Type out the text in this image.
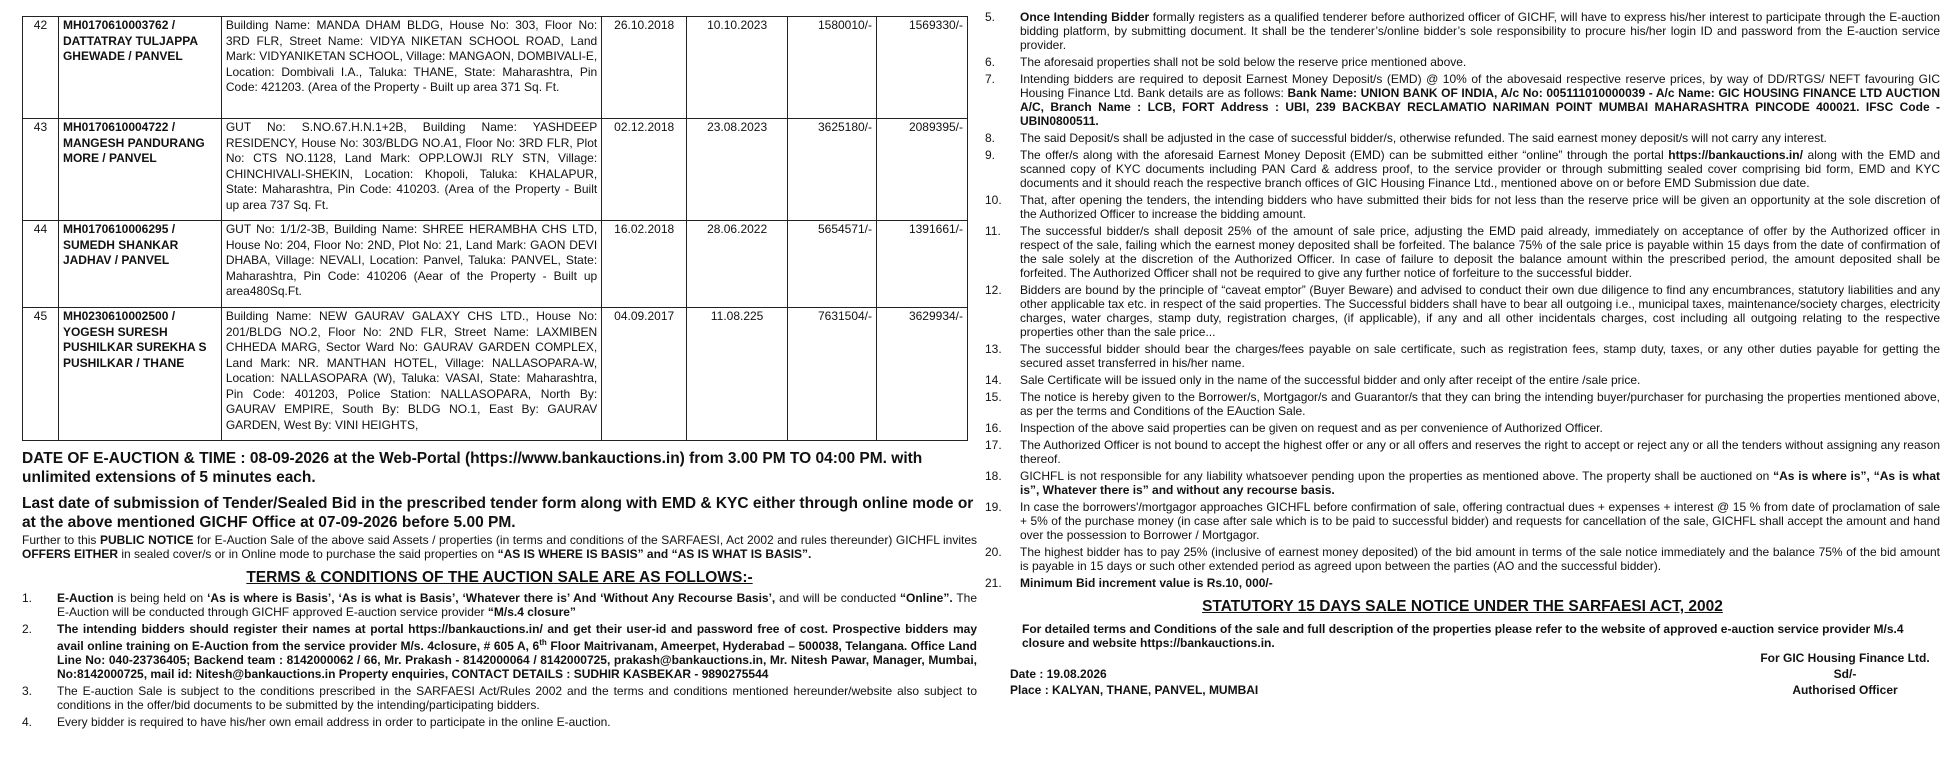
42	MH0170610003762 / DATTATRAY TULJAPPA GHEWADE / PANVEL	Building Name: MANDA DHAM BLDG, House No: 303, Floor No: 3RD FLR, Street Name: VIDYA NIKETAN SCHOOL ROAD, Land Mark: VIDYANIKETAN SCHOOL, Village: MANGAON, DOMBIVALI-E, Location: Dombivali I.A., Taluka: THANE, State: Maharashtra, Pin Code: 421203. (Area of the Property - Built up area 371 Sq. Ft.	26.10.2018	10.10.2023	1580010/-	1569330/-
43	MH0170610004722 / MANGESH PANDURANG MORE / PANVEL	GUT No: S.NO.67.H.N.1+2B, Building Name: YASHDEEP RESIDENCY, House No: 303/BLDG NO.A1, Floor No: 3RD FLR, Plot No: CTS NO.1128, Land Mark: OPP.LOWJI RLY STN, Village: CHINCHIVALI-SHEKIN, Location: Khopoli, Taluka: KHALAPUR, State: Maharashtra, Pin Code: 410203. (Area of the Property - Built up area 737 Sq. Ft.	02.12.2018	23.08.2023	3625180/-	2089395/-
44	MH0170610006295 / SUMEDH SHANKAR JADHAV / PANVEL	GUT No: 1/1/2-3B, Building Name: SHREE HERAMBHA CHS LTD, House No: 204, Floor No: 2ND, Plot No: 21, Land Mark: GAON DEVI DHABA, Village: NEVALI, Location: Panvel, Taluka: PANVEL, State: Maharashtra, Pin Code: 410206 (Aear of the Property - Built up area480Sq.Ft.	16.02.2018	28.06.2022	5654571/-	1391661/-
45	MH0230610002500 / YOGESH SURESH PUSHILKAR SUREKHA S PUSHILKAR / THANE	Building Name: NEW GAURAV GALAXY CHS LTD., House No: 201/BLDG NO.2, Floor No: 2ND FLR, Street Name: LAXMIBEN CHHEDA MARG, Sector Ward No: GAURAV GARDEN COMPLEX, Land Mark: NR. MANTHAN HOTEL, Village: NALLASOPARA-W, Location: NALLASOPARA (W), Taluka: VASAI, State: Maharashtra, Pin Code: 401203, Police Station: NALLASOPARA, North By: GAURAV EMPIRE, South By: BLDG NO.1, East By: GAURAV GARDEN, West By: VINI HEIGHTS,	04.09.2017	11.08.225	7631504/-	3629934/-
DATE OF E-AUCTION & TIME : 08-09-2026 at the Web-Portal (https://www.bankauctions.in) from 3.00 PM TO 04:00 PM. with unlimited extensions of 5 minutes each.
Last date of submission of Tender/Sealed Bid in the prescribed tender form along with EMD & KYC either through online mode or at the above mentioned GICHF Office at 07-09-2026 before 5.00 PM.

Further to this PUBLIC NOTICE for E-Auction Sale of the above said Assets / properties (in terms and conditions of the SARFAESI, Act 2002 and rules thereunder) GICHFL invites OFFERS EITHER in sealed cover/s or in Online mode to purchase the said properties on “AS IS WHERE IS BASIS” and “AS IS WHAT IS BASIS”.

TERMS & CONDITIONS OF THE AUCTION SALE ARE AS FOLLOWS:-
1. E-Auction is being held on ‘As is where is Basis’, ‘As is what is Basis’, ‘Whatever there is’ And ‘Without Any Recourse Basis’, and will be conducted “Online”. The E-Auction will be conducted through GICHF approved E-auction service provider “M/s.4 closure”
2. The intending bidders should register their names at portal https://bankauctions.in/ and get their user-id and password free of cost. Prospective bidders may avail online training on E-Auction from the service provider M/s. 4closure, # 605 A, 6th Floor Maitrivanam, Ameerpet, Hyderabad – 500038, Telangana. Office Land Line No: 040-23736405; Backend team : 8142000062 / 66, Mr. Prakash - 8142000064 / 8142000725, prakash@bankauctions.in, Mr. Nitesh Pawar, Manager, Mumbai, No:8142000725, mail id: Nitesh@bankauctions.in Property enquiries, CONTACT DETAILS : SUDHIR KASBEKAR - 9890275544
3. The E-auction Sale is subject to the conditions prescribed in the SARFAESI Act/Rules 2002 and the terms and conditions mentioned hereunder/website also subject to conditions in the offer/bid documents to be submitted by the intending/participating bidders.
4. Every bidder is required to have his/her own email address in order to participate in the online E-auction.
5. Once Intending Bidder formally registers as a qualified tenderer before authorized officer of GICHF, will have to express his/her interest to participate through the E-auction bidding platform, by submitting document. It shall be the tenderer’s/online bidder’s sole responsibility to procure his/her login ID and password from the E-auction service provider.
6. The aforesaid properties shall not be sold below the reserve price mentioned above.
7. Intending bidders are required to deposit Earnest Money Deposit/s (EMD) @ 10% of the abovesaid respective reserve prices, by way of DD/RTGS/ NEFT favouring GIC Housing Finance Ltd. Bank details are as follows: Bank Name: UNION BANK OF INDIA, A/c No: 005111010000039 - A/c Name: GIC HOUSING FINANCE LTD AUCTION A/C, Branch Name : LCB, FORT Address : UBI, 239 BACKBAY RECLAMATIO NARIMAN POINT MUMBAI MAHARASHTRA PINCODE 400021. IFSC Code - UBIN0800511.
8. The said Deposit/s shall be adjusted in the case of successful bidder/s, otherwise refunded. The said earnest money deposit/s will not carry any interest.
9. The offer/s along with the aforesaid Earnest Money Deposit (EMD) can be submitted either “online” through the portal https://bankauctions.in/ along with the EMD and scanned copy of KYC documents including PAN Card & address proof, to the service provider or through submitting sealed cover comprising bid form, EMD and KYC documents and it should reach the respective branch offices of GIC Housing Finance Ltd., mentioned above on or before EMD Submission due date.
10. That, after opening the tenders, the intending bidders who have submitted their bids for not less than the reserve price will be given an opportunity at the sole discretion of the Authorized Officer to increase the bidding amount.
11. The successful bidder/s shall deposit 25% of the amount of sale price, adjusting the EMD paid already, immediately on acceptance of offer by the Authorized officer in respect of the sale, failing which the earnest money deposited shall be forfeited. The balance 75% of the sale price is payable within 15 days from the date of confirmation of the sale solely at the discretion of the Authorized Officer. In case of failure to deposit the balance amount within the prescribed period, the amount deposited shall be forfeited. The Authorized Officer shall not be required to give any further notice of forfeiture to the successful bidder.
12. Bidders are bound by the principle of “caveat emptor” (Buyer Beware) and advised to conduct their own due diligence to find any encumbrances, statutory liabilities and any other applicable tax etc. in respect of the said properties. The Successful bidders shall have to bear all outgoing i.e., municipal taxes, maintenance/society charges, electricity charges, water charges, stamp duty, registration charges, (if applicable), if any and all other incidentals charges, cost including all outgoing relating to the respective properties other than the sale price...
13. The successful bidder should bear the charges/fees payable on sale certificate, such as registration fees, stamp duty, taxes, or any other duties payable for getting the secured asset transferred in his/her name.
14. Sale Certificate will be issued only in the name of the successful bidder and only after receipt of the entire /sale price.
15. The notice is hereby given to the Borrower/s, Mortgagor/s and Guarantor/s that they can bring the intending buyer/purchaser for purchasing the properties mentioned above, as per the terms and Conditions of the EAuction Sale.
16. Inspection of the above said properties can be given on request and as per convenience of Authorized Officer.
17. The Authorized Officer is not bound to accept the highest offer or any or all offers and reserves the right to accept or reject any or all the tenders without assigning any reason thereof.
18. GICHFL is not responsible for any liability whatsoever pending upon the properties as mentioned above. The property shall be auctioned on “As is where is”, “As is what is”, Whatever there is” and without any recourse basis.
19. In case the borrowers'/mortgagor approaches GICHFL before confirmation of sale, offering contractual dues + expenses + interest @ 15 % from date of proclamation of sale + 5% of the purchase money (in case after sale which is to be paid to successful bidder) and requests for cancellation of the sale, GICHFL shall accept the amount and hand over the possession to Borrower / Mortgagor.
20. The highest bidder has to pay 25% (inclusive of earnest money deposited) of the bid amount in terms of the sale notice immediately and the balance 75% of the bid amount is payable in 15 days or such other extended period as agreed upon between the parties (AO and the successful bidder).
21. Minimum Bid increment value is Rs.10, 000/-
STATUTORY 15 DAYS SALE NOTICE UNDER THE SARFAESI ACT, 2002
For detailed terms and Conditions of the sale and full description of the properties please refer to the website of approved e-auction service provider M/s.4 closure and website https://bankauctions.in.
For GIC Housing Finance Ltd.
Sd/-
Authorised Officer
Date : 19.08.2026
Place : KALYAN, THANE, PANVEL, MUMBAI
